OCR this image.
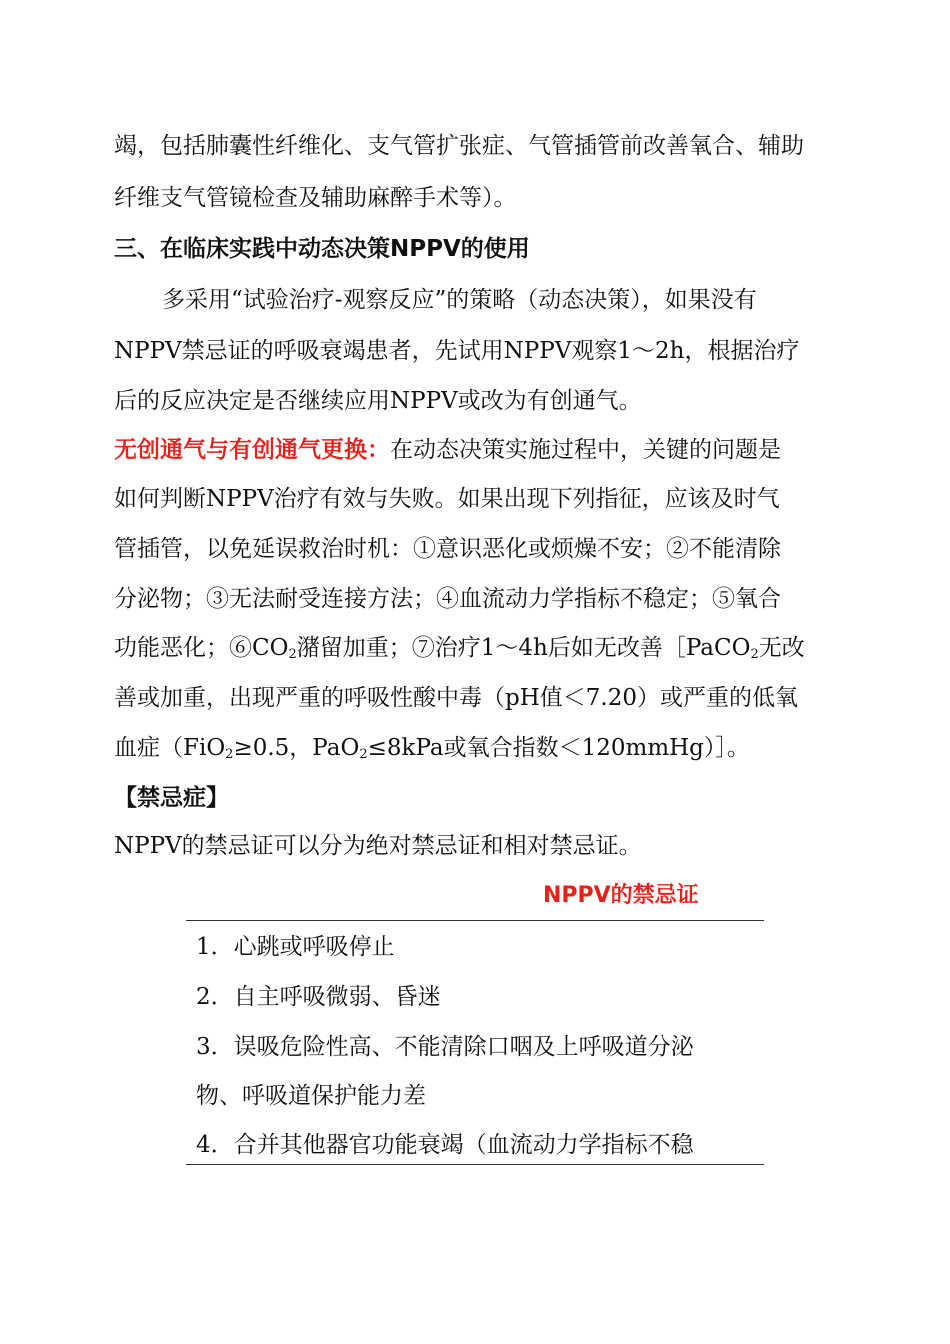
竭，包括肺囊性纤维化、支气管扩张症、气管插管前改善氧合、辅助
纤维支气管镜检查及辅助麻醉手术等）。
三、在临床实践中动态决策NPPV的使用
多采用“试验治疗-观察反应”的策略（动态决策），如果没有
NPPV禁忌证的呼吸衰竭患者，先试用NPPV观察1～2h，根据治疗
后的反应决定是否继续应用NPPV或改为有创通气。
无创通气与有创通气更换：在动态决策实施过程中，关键的问题是
如何判断NPPV治疗有效与失败。如果出现下列指征，应该及时气
管插管，以免延误救治时机：①意识恶化或烦燥不安；②不能清除
分泌物；③无法耐受连接方法；④血流动力学指标不稳定；⑤氧合
功能恶化；$⑥CO_2$潴留加重；⑦治疗1～4h后如无改善［PaCO$_2$无改
善或加重，出现严重的呼吸性酸中毒（pH值＜7.20）或严重的低氧
血症（FiO$_2$≥0.5，PaO$_2$≤8kPa或氧合指数＜120mmHg）］。
【禁忌症】
NPPV的禁忌证可以分为绝对禁忌证和相对禁忌证。
NPPV的禁忌证
1．心跳或呼吸停止
2．自主呼吸微弱、昏迷
3．误吸危险性高、不能清除口咽及上呼吸道分泌
物、呼吸道保护能力差
4．合并其他器官功能衰竭（血流动力学指标不稳
